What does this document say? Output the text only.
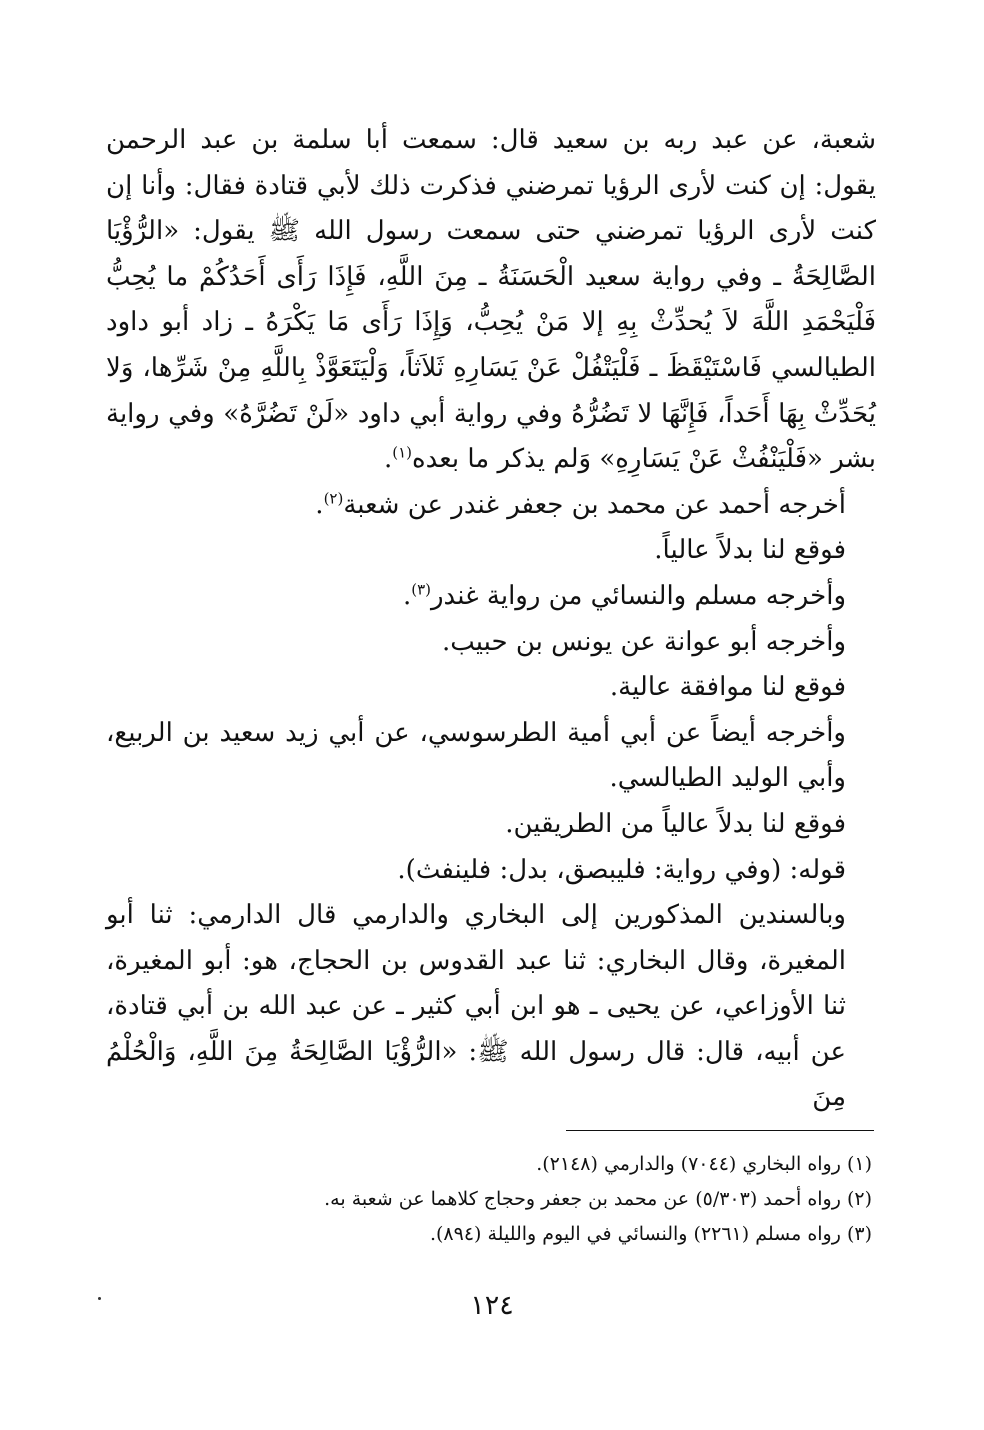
شعبة، عن عبد ربه بن سعيد قال: سمعت أبا سلمة بن عبد الرحمن يقول: إن كنت لأرى الرؤيا تمرضني فذكرت ذلك لأبي قتادة فقال: وأنا إن كنت لأرى الرؤيا تمرضني حتى سمعت رسول الله ﷺ يقول: «الرُّؤْيَا الصَّالِحَةُ ـ وفي رواية سعيد الْحَسَنَةُ ـ مِنَ اللَّهِ، فَإِذَا رَأَى أَحَدُكُمْ ما يُحِبُّ فَلْيَحْمَدِ اللَّهَ لاَ يُحدِّثْ بِهِ إلا مَنْ يُحِبُّ، وَإِذَا رَأَى مَا يَكْرَهُ ـ زاد أبو داود الطيالسي فَاسْتَيْقَظَ ـ فَلْيَتْفُلْ عَنْ يَسَارِهِ ثَلاَثاً، وَلْيَتَعَوَّذْ بِاللَّهِ مِنْ شَرِّها، وَلا يُحَدِّثْ بِهَا أَحَداً، فَإِنَّهَا لا تَضُرُّهُ وفي رواية أبي داود «لَنْ تَضُرَّهُ» وفي رواية بشر «فَلْيَنْفُثْ عَنْ يَسَارِهِ» وَلم يذكر ما بعده$^{(١)}$.

أخرجه أحمد عن محمد بن جعفر غندر عن شعبة$^{(٢)}$.

فوقع لنا بدلاً عالياً.

وأخرجه مسلم والنسائي من رواية غندر$^{(٣)}$.

وأخرجه أبو عوانة عن يونس بن حبيب.

فوقع لنا موافقة عالية.

وأخرجه أيضاً عن أبي أمية الطرسوسي، عن أبي زيد سعيد بن الربيع، وأبي الوليد الطيالسي.

فوقع لنا بدلاً عالياً من الطريقين.

قوله: (وفي رواية: فليبصق، بدل: فلينفث).

وبالسندين المذكورين إلى البخاري والدارمي قال الدارمي: ثنا أبو المغيرة، وقال البخاري: ثنا عبد القدوس بن الحجاج، هو: أبو المغيرة، ثنا الأوزاعي، عن يحيى ـ هو ابن أبي كثير ـ عن عبد الله بن أبي قتادة، عن أبيه، قال: قال رسول الله ﷺ: «الرُّؤْيَا الصَّالِحَةُ مِنَ اللَّهِ، وَالْحُلْمُ مِنَ

(١) رواه البخاري (٧٠٤٤) والدارمي (٢١٤٨).

(٢) رواه أحمد (٥/٣٠٣) عن محمد بن جعفر وحجاج كلاهما عن شعبة به.

(٣) رواه مسلم (٢٢٦١) والنسائي في اليوم والليلة (٨٩٤).

١٢٤
